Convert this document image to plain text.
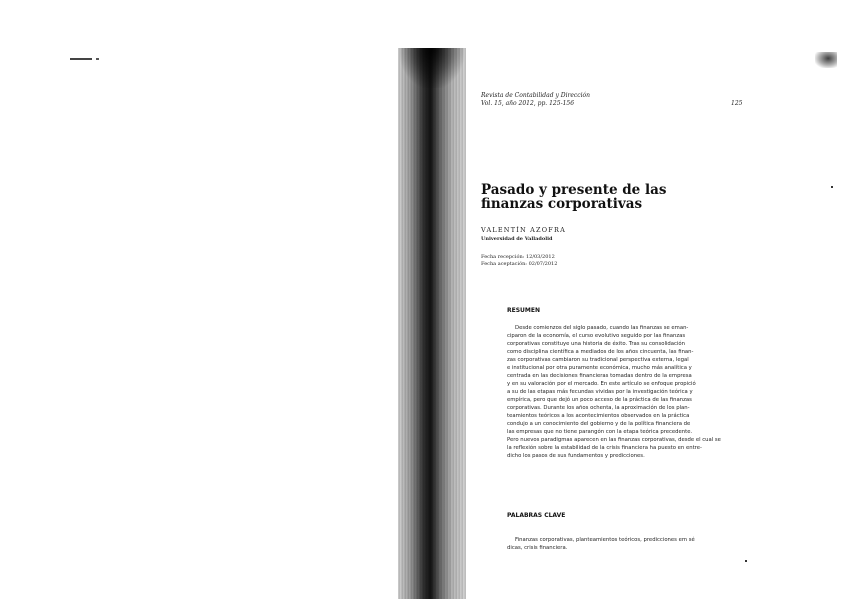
Revista de Contabilidad y Dirección
Vol. 15, año 2012, pp. 125-156	125
Pasado y presente de las finanzas corporativas
VALENTÍN AZOFRA
Universidad de Valladolid
Fecha recepción: 12/03/2012
Fecha aceptación: 02/07/2012
RESUMEN
Desde comienzos del siglo pasado, cuando las finanzas se eman-
ciparon de la economía, el curso evolutivo seguido por las finanzas
corporativas constituye una historia de éxito. Tras su consolidación
como disciplina científica a mediados de los años cincuenta, las finan-
zas corporativas cambiaron su tradicional perspectiva externa, legal
e institucional por otra puramente económica, mucho más analítica y
centrada en las decisiones financieras tomadas dentro de la empresa
y en su valoración por el mercado. En este artículo se enfoque propició
a su de las etapas más fecundas vividas por la investigación teórica y
empírica, pero que dejó un poco acceso de la práctica de las finanzas
corporativas. Durante los años ochenta, la aproximación de los plan-
teamientos teóricos a los acontecimientos observados en la práctica
condujo a un conocimiento del gobierno y de la política financiera de
las empresas que no tiene parangón con la etapa teórica precedente.
Pero nuevos paradigmas aparecen en las finanzas corporativas, desde el cual se
la reflexión sobre la estabilidad de la crisis financiera ha puesto en entre-
dicho los pasos de sus fundamentos y predicciones.
PALABRAS CLAVE
Finanzas corporativas, planteamientos teóricos, predicciones em sé
dicas, crisis financiera.
